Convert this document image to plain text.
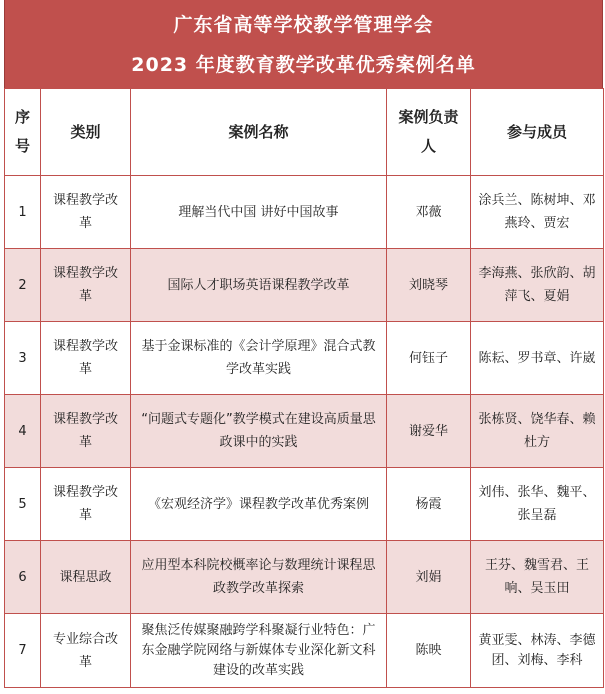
广东省高等学校教学管理学会
2023 年度教育教学改革优秀案例名单
序号	类别	案例名称	案例负责人	参与成员
1	课程教学改革	理解当代中国 讲好中国故事	邓薇	涂兵兰、陈树坤、邓燕玲、贾宏
2	课程教学改革	国际人才职场英语课程教学改革	刘晓琴	李海燕、张欣韵、胡萍飞、夏娟
3	课程教学改革	基于金课标准的《会计学原理》混合式教学改革实践	何钰子	陈耘、罗书章、许崴
4	课程教学改革	“问题式专题化”教学模式在建设高质量思政课中的实践	谢爱华	张栋贤、饶华春、赖杜方
5	课程教学改革	《宏观经济学》课程教学改革优秀案例	杨霞	刘伟、张华、魏平、张呈磊
6	课程思政	应用型本科院校概率论与数理统计课程思政教学改革探索	刘娟	王芬、魏雪君、王响、吴玉田
7	专业综合改革	聚焦泛传媒聚融跨学科聚凝行业特色：广东金融学院网络与新媒体专业深化新文科建设的改革实践	陈映	黄亚雯、林涛、李德团、刘梅、李科
